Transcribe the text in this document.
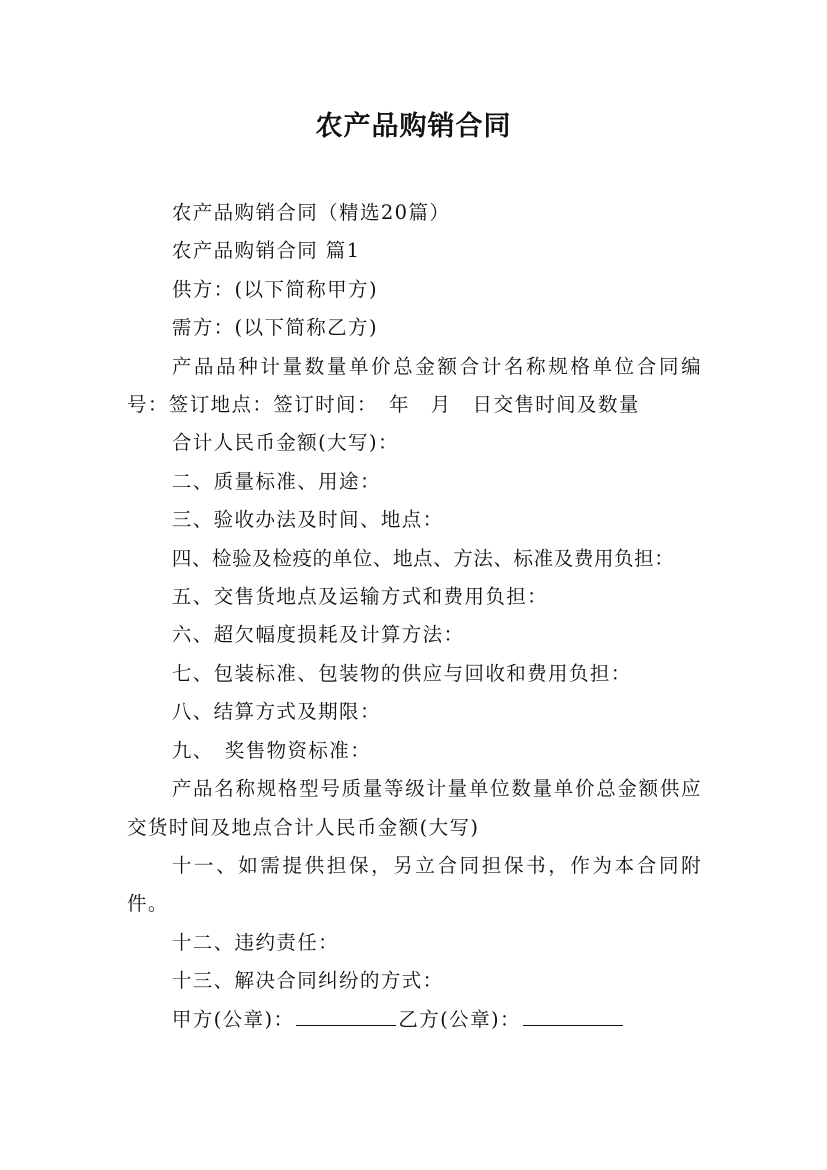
农产品购销合同

农产品购销合同（精选20篇）

农产品购销合同 篇1

供方：(以下简称甲方)

需方：(以下简称乙方)

产品品种计量数量单价总金额合计名称规格单位合同编号：签订地点：签订时间：　年　月　日交售时间及数量

合计人民币金额(大写)：

二、质量标准、用途：

三、验收办法及时间、地点：

四、检验及检疫的单位、地点、方法、标准及费用负担：

五、交售货地点及运输方式和费用负担：

六、超欠幅度损耗及计算方法：

七、包装标准、包装物的供应与回收和费用负担：

八、结算方式及期限：

九、　奖售物资标准：

产品名称规格型号质量等级计量单位数量单价总金额供应交货时间及地点合计人民币金额(大写)

十一、如需提供担保，另立合同担保书，作为本合同附件。

十二、违约责任：

十三、解决合同纠纷的方式：

甲方(公章)：	乙方(公章)：
